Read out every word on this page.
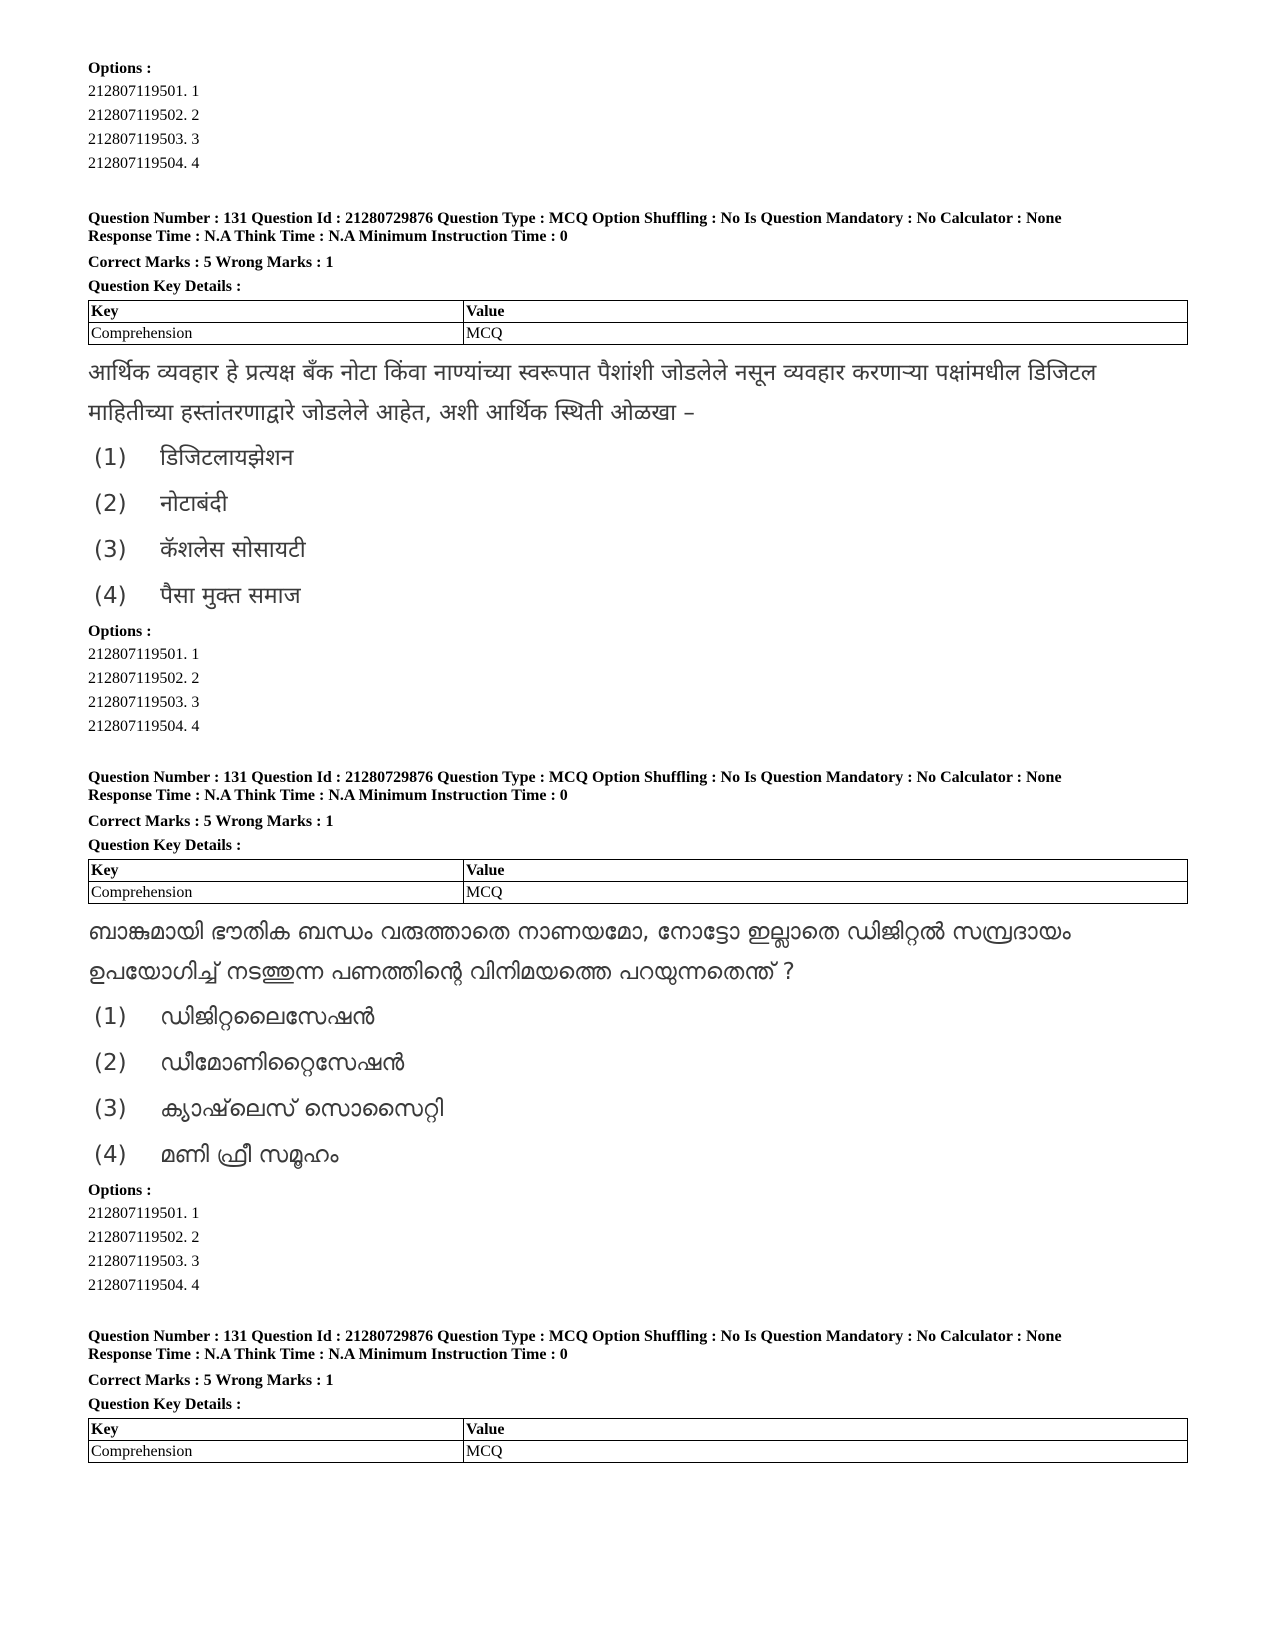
Options :
212807119501. 1
212807119502. 2
212807119503. 3
212807119504. 4
Question Number : 131 Question Id : 21280729876 Question Type : MCQ Option Shuffling : No Is Question Mandatory : No Calculator : None
Response Time : N.A Think Time : N.A Minimum Instruction Time : 0
Correct Marks : 5 Wrong Marks : 1
Question Key Details :
Key	Value
Comprehension	MCQ
आर्थिक व्यवहार हे प्रत्यक्ष बँक नोटा किंवा नाण्यांच्या स्वरूपात पैशांशी जोडलेले नसून व्यवहार करणाऱ्या पक्षांमधील डिजिटल माहितीच्या हस्तांतरणाद्वारे जोडलेले आहेत, अशी आर्थिक स्थिती ओळखा –
(1)	डिजिटलायझेशन
(2)	नोटाबंदी
(3)	कॅशलेस सोसायटी
(4)	पैसा मुक्त समाज
Options :
212807119501. 1
212807119502. 2
212807119503. 3
212807119504. 4
Question Number : 131 Question Id : 21280729876 Question Type : MCQ Option Shuffling : No Is Question Mandatory : No Calculator : None
Response Time : N.A Think Time : N.A Minimum Instruction Time : 0
Correct Marks : 5 Wrong Marks : 1
Question Key Details :
Key	Value
Comprehension	MCQ
ബാങ്കുമായി ഭൗതിക ബന്ധം വരുത്താതെ നാണയമോ, നോട്ടോ ഇല്ലാതെ ഡിജിറ്റൽ സമ്പ്രദായം ഉപയോഗിച്ച് നടത്തുന്ന പണത്തിന്റെ വിനിമയത്തെ പറയുന്നതെന്ത് ?
(1)	ഡിജിറ്റലൈസേഷൻ
(2)	ഡീമോണിറ്റൈസേഷൻ
(3)	ക്യാഷ്‌ലെസ് സൊസൈറ്റി
(4)	മണി ഫ്രീ സമൂഹം
Options :
212807119501. 1
212807119502. 2
212807119503. 3
212807119504. 4
Question Number : 131 Question Id : 21280729876 Question Type : MCQ Option Shuffling : No Is Question Mandatory : No Calculator : None
Response Time : N.A Think Time : N.A Minimum Instruction Time : 0
Correct Marks : 5 Wrong Marks : 1
Question Key Details :
Key	Value
Comprehension	MCQ
